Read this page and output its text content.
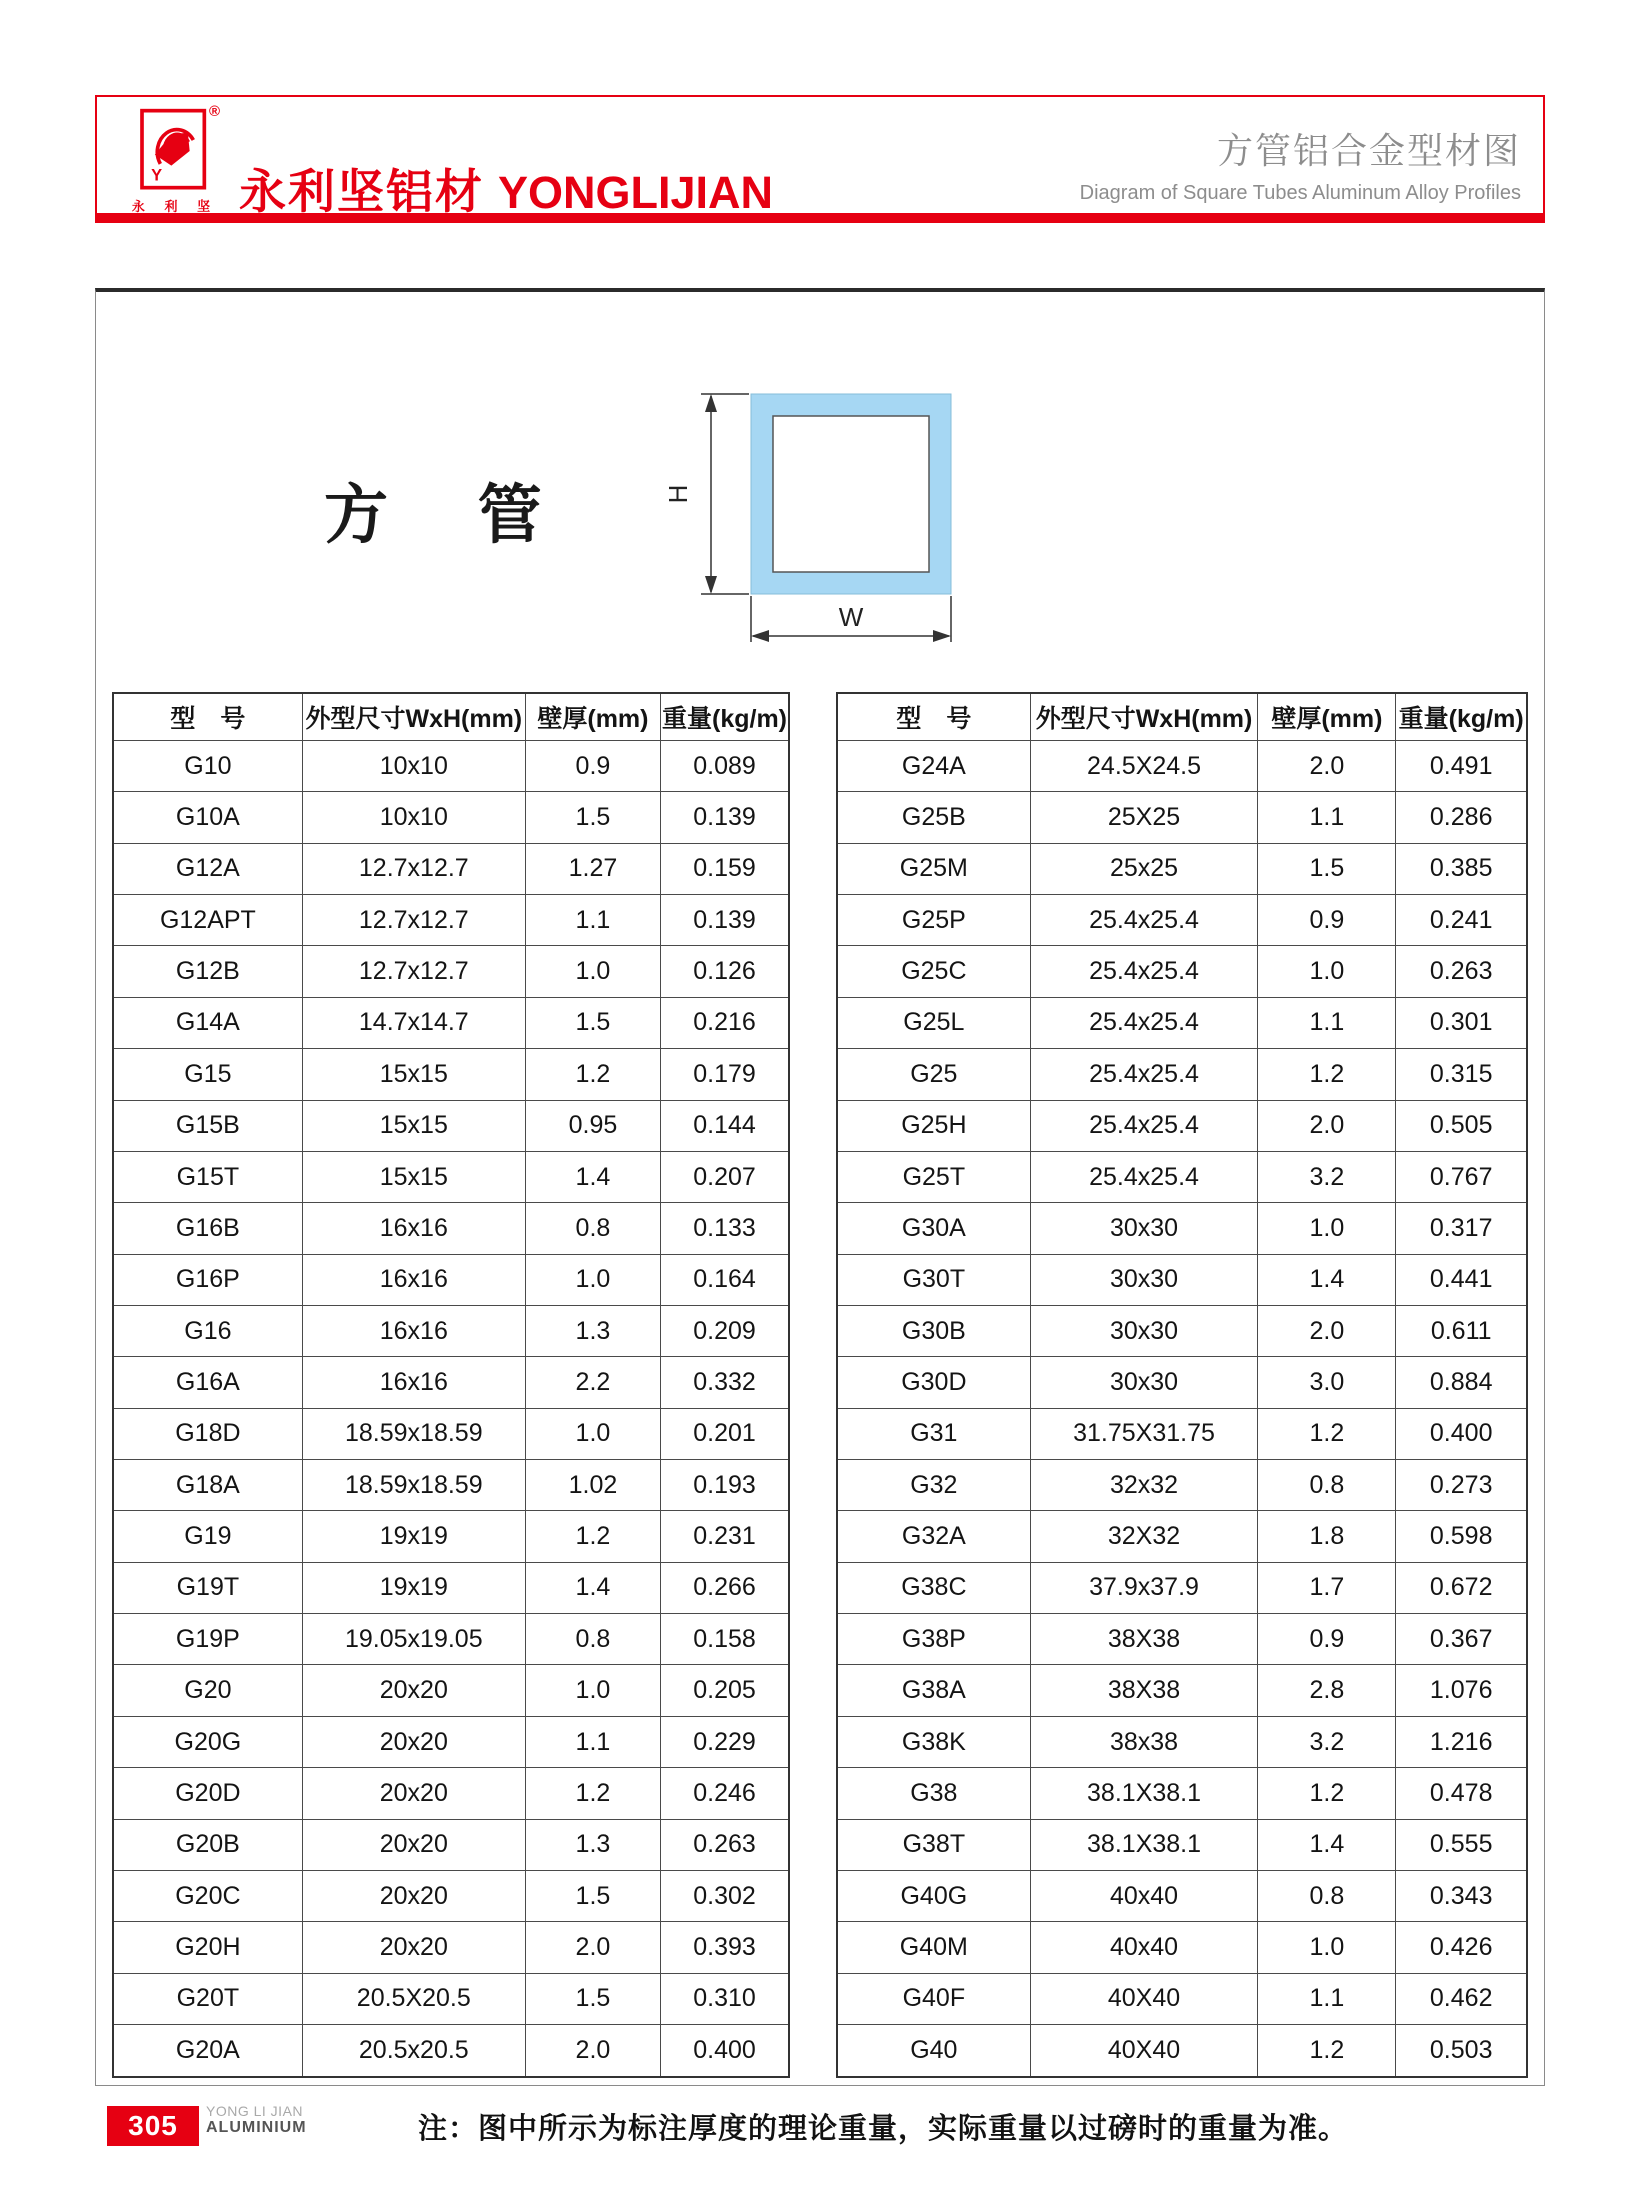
Y
®
永 利 坚 永利坚铝材 YONGLIJIAN
方管铝合金型材图
Diagram of Square Tubes Aluminum Alloy Profiles
方 管	H
W
型　号	外型尺寸WxH(mm)	壁厚(mm)	重量(kg/m)
G10	10x10	0.9	0.089
G10A	10x10	1.5	0.139
G12A	12.7x12.7	1.27	0.159
G12APT	12.7x12.7	1.1	0.139
G12B	12.7x12.7	1.0	0.126
G14A	14.7x14.7	1.5	0.216
G15	15x15	1.2	0.179
G15B	15x15	0.95	0.144
G15T	15x15	1.4	0.207
G16B	16x16	0.8	0.133
G16P	16x16	1.0	0.164
G16	16x16	1.3	0.209
G16A	16x16	2.2	0.332
G18D	18.59x18.59	1.0	0.201
G18A	18.59x18.59	1.02	0.193
G19	19x19	1.2	0.231
G19T	19x19	1.4	0.266
G19P	19.05x19.05	0.8	0.158
G20	20x20	1.0	0.205
G20G	20x20	1.1	0.229
G20D	20x20	1.2	0.246
G20B	20x20	1.3	0.263
G20C	20x20	1.5	0.302
G20H	20x20	2.0	0.393
G20T	20.5X20.5	1.5	0.310
G20A	20.5x20.5	2.0	0.400
型　号	外型尺寸WxH(mm)	壁厚(mm)	重量(kg/m)
G24A	24.5X24.5	2.0	0.491
G25B	25X25	1.1	0.286
G25M	25x25	1.5	0.385
G25P	25.4x25.4	0.9	0.241
G25C	25.4x25.4	1.0	0.263
G25L	25.4x25.4	1.1	0.301
G25	25.4x25.4	1.2	0.315
G25H	25.4x25.4	2.0	0.505
G25T	25.4x25.4	3.2	0.767
G30A	30x30	1.0	0.317
G30T	30x30	1.4	0.441
G30B	30x30	2.0	0.611
G30D	30x30	3.0	0.884
G31	31.75X31.75	1.2	0.400
G32	32x32	0.8	0.273
G32A	32X32	1.8	0.598
G38C	37.9x37.9	1.7	0.672
G38P	38X38	0.9	0.367
G38A	38X38	2.8	1.076
G38K	38x38	3.2	1.216
G38	38.1X38.1	1.2	0.478
G38T	38.1X38.1	1.4	0.555
G40G	40x40	0.8	0.343
G40M	40x40	1.0	0.426
G40F	40X40	1.1	0.462
G40	40X40	1.2	0.503
305	YONG LI JIAN
ALUMINIUM	注：图中所示为标注厚度的理论重量，实际重量以过磅时的重量为准。
